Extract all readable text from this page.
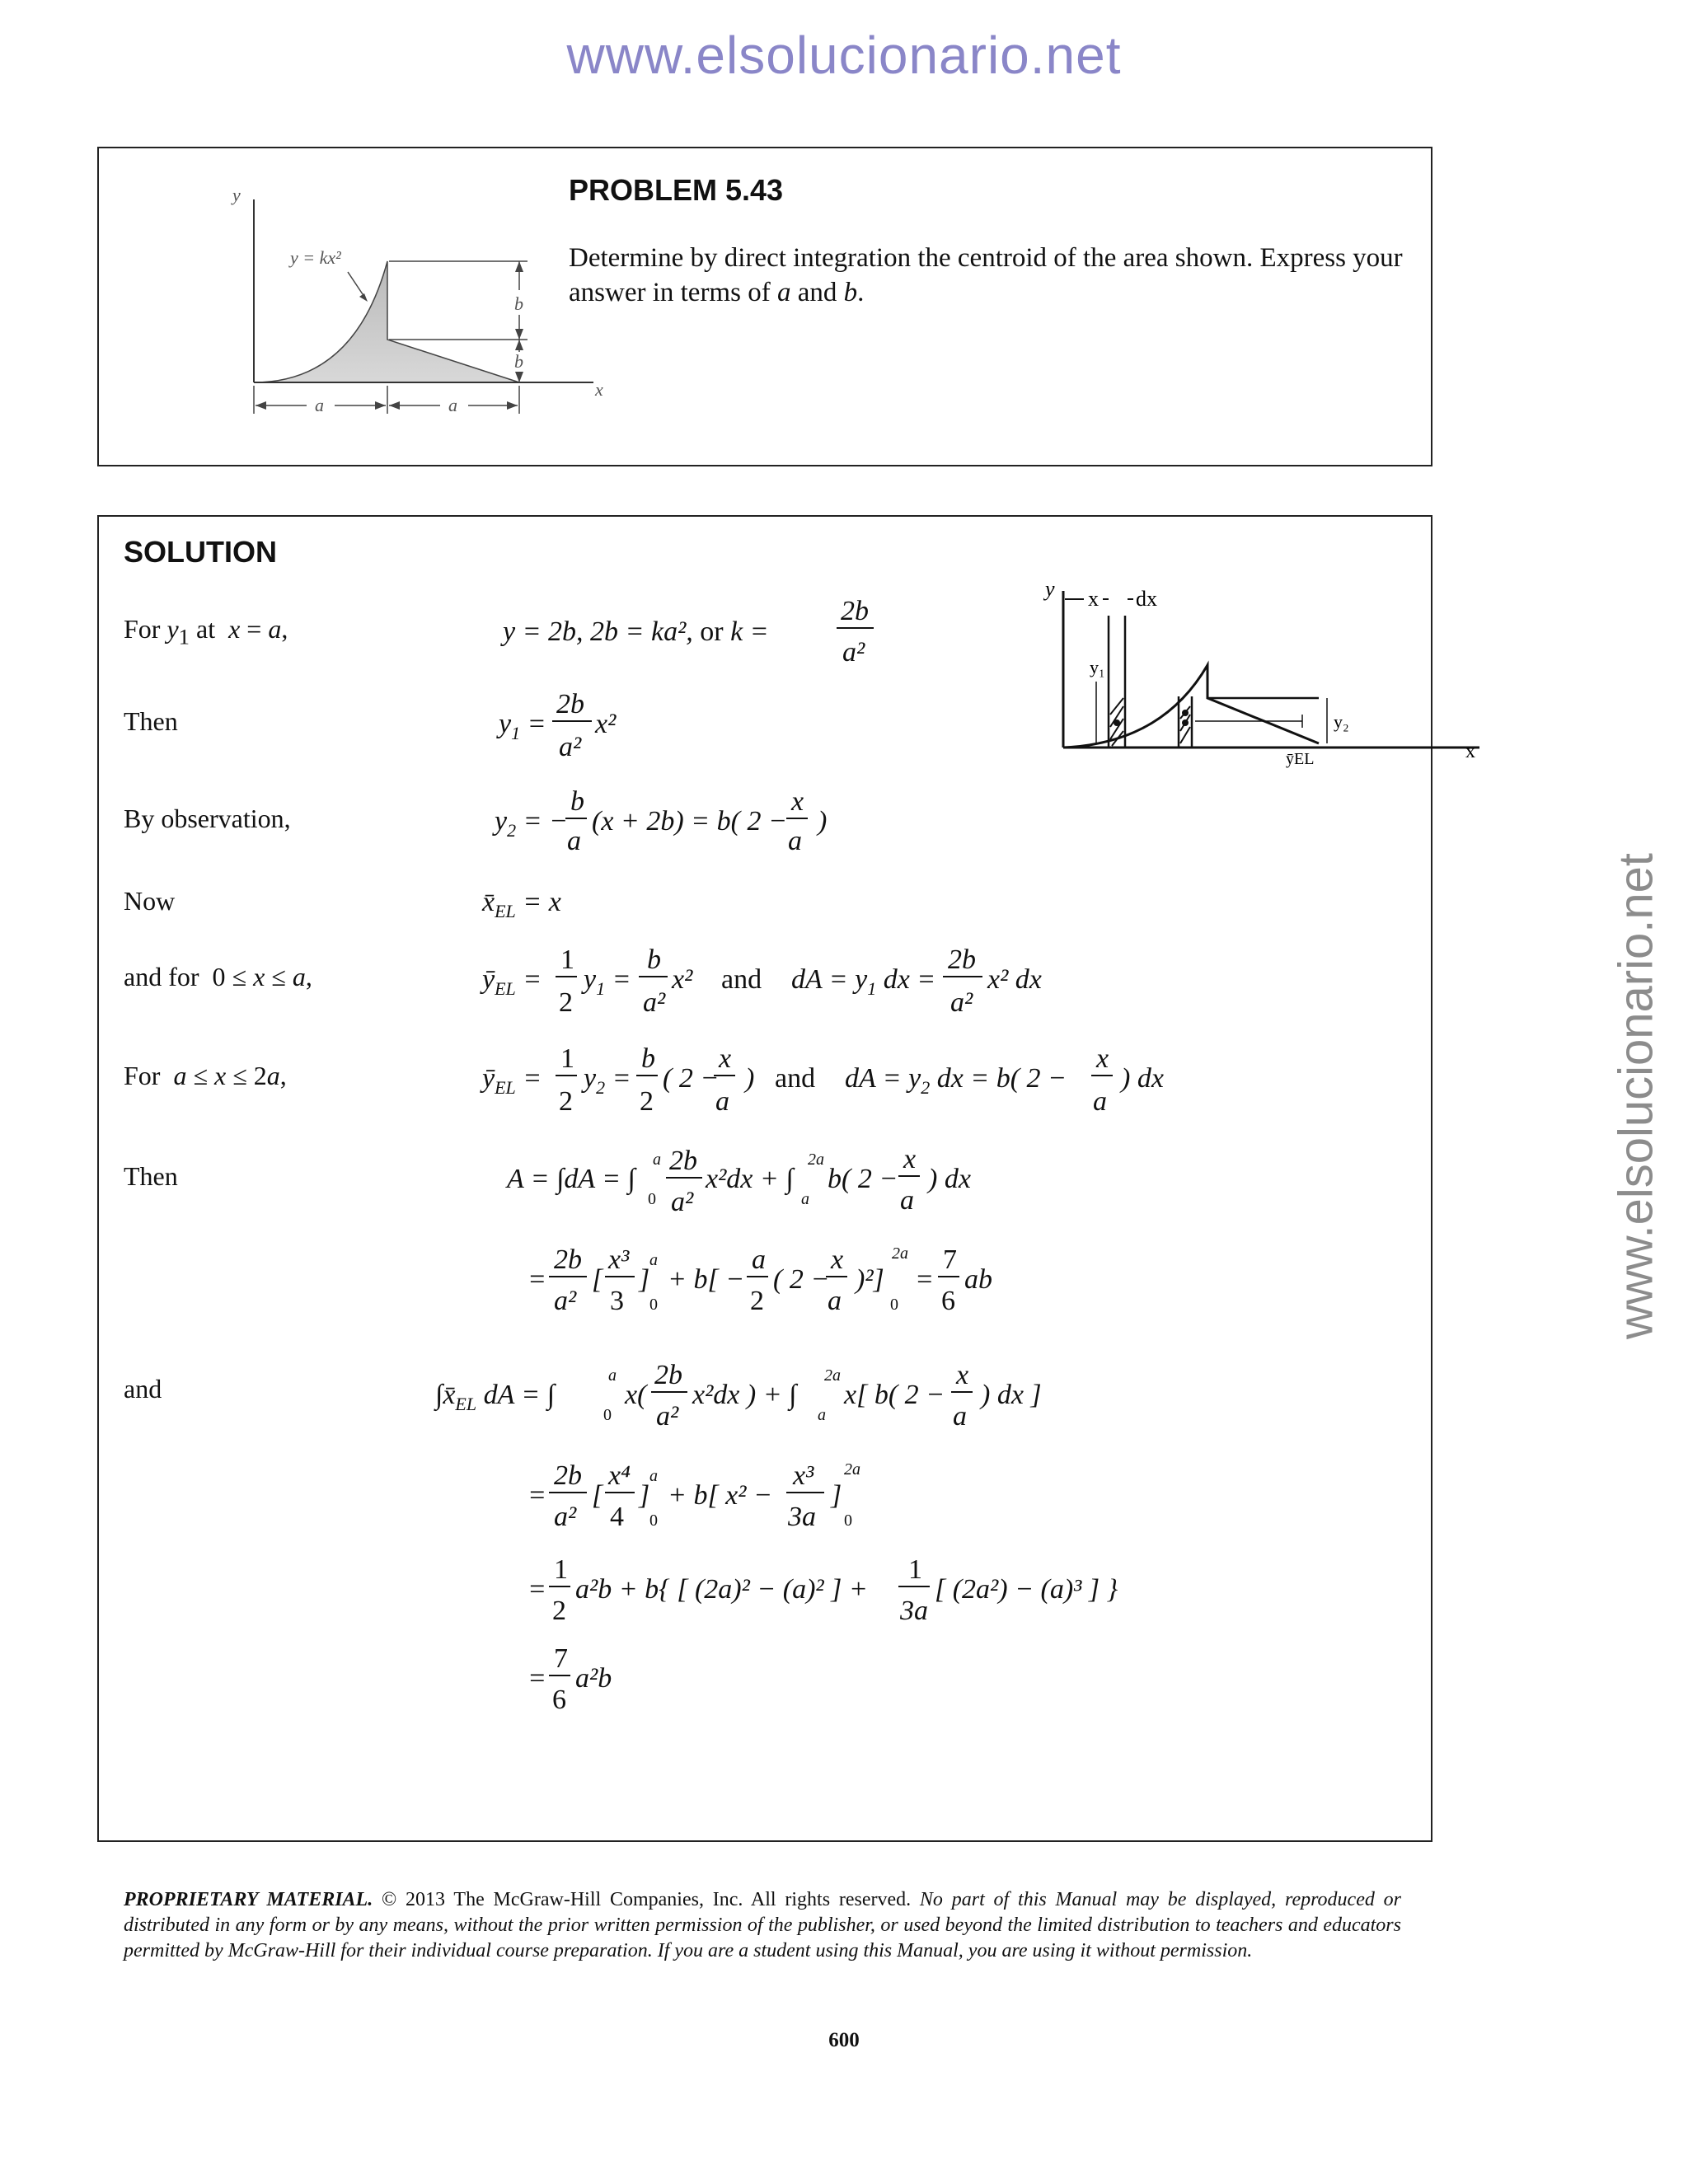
www.elsolucionario.net
www.elsolucionario.net
y
x
y = kx²
b
b
a	a
PROBLEM 5.43
Determine by direct integration the centroid of the area shown. Express your answer in terms of a and b.
SOLUTION
y x dx
y₁
y₂
ȳEL	x
For $y_1$ at  x = a,
Then
By observation,
Now
and for  0 ≤ x ≤ a,
For  a ≤ x ≤ 2a,
Then
and
y = 2b, 2b = ka², or k =
2b
a²
$y_1$ =
2b
a²
x²
$y_2$ = −
b
a
(x + 2b) = b( 2 −
x
a
)
$x̄_{EL} = x$
$ȳ_{EL}$ =
1
2
$y_1$ =
b
a²
x² and dA = $y_1$ dx =
2b
a²
x² dx
$ȳ_{EL}$ =
1
2
$y_2$ =
b
2
( 2 −
x
a
) and dA = $y_2$ dx = b( 2 −
x
a
) dx
A = ∫dA = ∫
a
0
2b
a²
x²dx + ∫
2a
a
b( 2 −
x
a
) dx
=
2b
a²
[
x³
3
]
a
0
+ b[ −
a
2
( 2 −
x
a
)²]
2a
0
=
7
6
ab
$\int x̄_{EL}$ dA = ∫
a
0
x(
2b
a²
x²dx ) + ∫
2a
a
x[ b( 2 −
x
a
) dx ]
=
2b
a²
[
x⁴
4
]
a
0
+ b[ x² −
x³
3a
]
2a
0
=
1
2
a²b + b{ [ (2a)² − (a)² ] +
1
3a
[ (2a²) − (a)³ ] }
=
7
6
a²b
PROPRIETARY MATERIAL. © 2013 The McGraw-Hill Companies, Inc. All rights reserved. No part of this Manual may be displayed, reproduced or distributed in any form or by any means, without the prior written permission of the publisher, or used beyond the limited distribution to teachers and educators permitted by McGraw-Hill for their individual course preparation. If you are a student using this Manual, you are using it without permission.
600
